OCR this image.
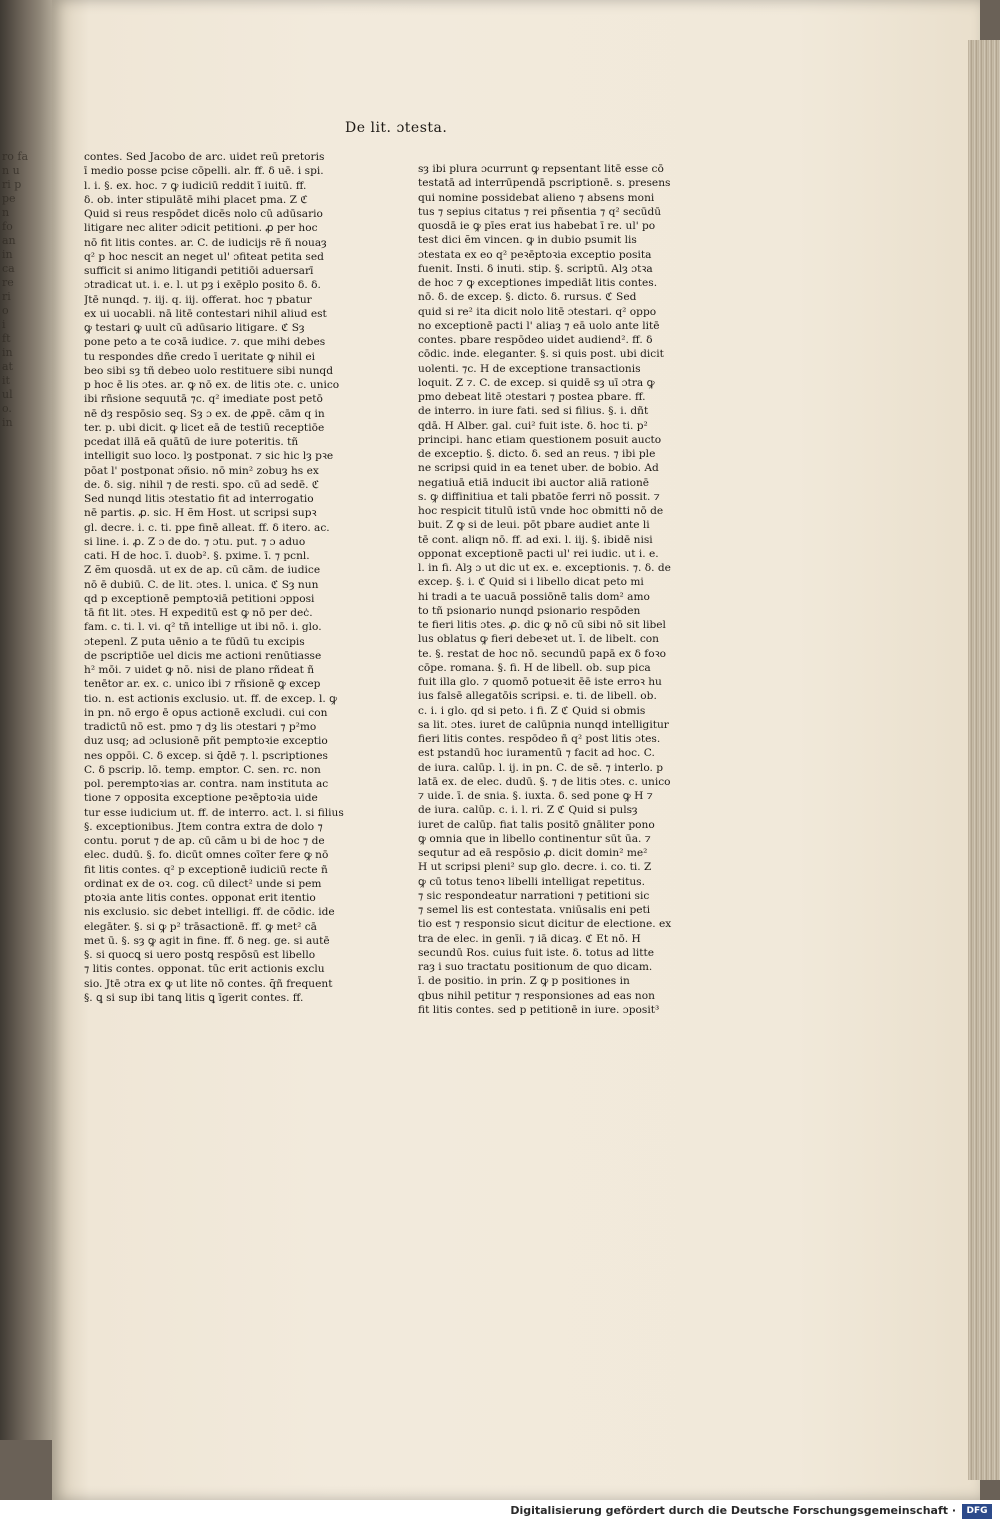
ro fa
n u
ri p
pe
n
fo
an
in
ca
re
ri
o
i
ft
in
at
it
ul
o.
in
De lit. ɔtesta.
contes. Sed Jacobo de arc. uidet reū pretoris
ī medio posse pcise cōpelli. alr. ff. ẟ uē. i spi.
l. i. §. ex. hoc. ⁊ ꝙ iudiciū reddit ī iuitū. ff.
ẟ. ob. inter stipulātē mihi placet pma. Z ℭ
Quid si reus respōdet dicēs nolo cū adūsario
litigare nec aliter ɔdicit petitioni. ꝓ per hoc
nō fit litis contes. ar. C. de iudicijs rē ñ nouaȝ
q² p hoc nescit an neget ul' ɔfiteat petita sed
sufficit si animo litigandi petitiōi aduersarī
ɔtradicat ut. i. e. l. ut pȝ i exēplo posito ẟ. ẟ.
Jtē nunqd. ⁊. iij. q. iij. offerat. hoc ⁊ pbatur
ex ui uocabli. nā litē contestari nihil aliud est
ꝙ testari ꝙ uult cū adūsario litigare. ℭ Sȝ
pone peto a te coꝛā iudice. ⁊. que mihi debes
tu respondes dñe credo ī ueritate ꝙ nihil ei
beo sibi sȝ tñ debeo uolo restituere sibi nunqd
p hoc ē lis ɔtes. ar. ꝙ nō ex. de litis ɔte. c. unico
ibi rñsione sequutā ⁊c. q² imediate post petō
nē dȝ respōsio seq. Sȝ ɔ ex. de ꝓpē. cām q in
ter. p. ubi dicit. ꝙ licet eā de testiū receptiōe
pcedat illā eā quātū de iure poteritis. tñ
intelligit suo loco. lȝ postponat. ⁊ sic hic lȝ pꝛe
pōat l' postponat ɔñsio. nō min² zobuȝ hs ex
de. ẟ. sig. nihil ⁊ de resti. spo. cū ad sedē. ℭ
Sed nunqd litis ɔtestatio fit ad interrogatio
nē partis. ꝓ. sic. H ẽm Host. ut scripsi supꝛ
gl. decre. i. c. ti. ppe finē alleat. ff. ẟ itero. ac.
si line. i. ꝓ. Z ɔ de do. ⁊ ɔtu. put. ⁊ ɔ aduo
cati. H de hoc. ī. duob². §. pxime. ī. ⁊ pcnl.
Z ẽm quosdā. ut ex de ap. cū cām. de iudice
nō ē dubiū. C. de lit. ɔtes. l. unica. ℭ Sȝ nun
qd p exceptionē pemptoꝛiā petitioni ɔpposi
tā fit lit. ɔtes. H expeditū est ꝙ nō per deċ.
fam. c. ti. l. vi. q² tñ intellige ut ibi nō. i. glo.
ɔtepenl. Z puta uēnio a te fūdū tu excipis
de pscriptiōe uel dicis me actioni renūtiasse
h² mōi. ⁊ uidet ꝙ nō. nisi de plano rñdeat ñ
tenētor ar. ex. c. unico ibi ⁊ rñsionē ꝙ excep
tio. n. est actionis exclusio. ut. ff. de excep. l. ꝙ
in pn. nō ergo ē opus actionē excludi. cui con
tradictū nō est. pmo ⁊ dȝ lis ɔtestari ⁊ p²mo
duz usq; ad ɔclusionē pñt pemptoꝛie exceptio
nes oppōi. C. ẟ excep. si q̄dē ⁊. l. pscriptiones
C. ẟ pscrip. lō. temp. emptor. C. sen. rc. non
pol. peremptoꝛias ar. contra. nam instituta ac
tione ⁊ opposita exceptione peꝛēptoꝛia uide
tur esse iudicium ut. ff. de interro. act. l. si filius
§. exceptionibus. Jtem contra extra de dolo ⁊
contu. porut ⁊ de ap. cū cām u bi de hoc ⁊ de
elec. dudū. §. fo. dicūt omnes coīter fere ꝙ nō
fit litis contes. q² p exceptionē iudiciū recte ñ
ordinat ex de oꝛ. cog. cū dilect² unde si pem
ptoꝛia ante litis contes. opponat erit itentio
nis exclusio. sic debet intelligi. ff. de cōdic. ide
elegāter. §. si ꝙ p² trāsactionē. ff. ꝙ met² cā
met ū. §. sȝ ꝙ agit in fine. ff. ẟ neg. ge. si autē
§. si quocꝗ si uero postꝗ respōsū est libello
⁊ litis contes. opponat. tūc erit actionis exclu
sio. Jtē ɔtra ex ꝙ ut lite nō contes. q̄ñ frequent
§. ꝗ si sup ibi tanꝗ litis ꝗ īgerit contes. ff.
sȝ ibi plura ɔcurrunt ꝙ repsentant litē esse cō
testatā ad interrūpendā pscriptionē. s. presens
qui nomine possidebat alieno ⁊ absens moni
tus ⁊ sepius citatus ⁊ rei pñsentia ⁊ q² secūdū
quosdā ie ꝙ pīes erat ius habebat ī re. ul' po
test dici ẽm vincen. ꝙ in dubio psumit lis
ɔtestata ex eo q² peꝛēptoꝛia exceptio posita
fuenit. Insti. ẟ inuti. stip. §. scriptū. Alȝ ɔtꝛa
de hoc ⁊ ꝙ exceptiones impediāt litis contes.
nō. ẟ. de excep. §. dicto. ẟ. rursus. ℭ Sed
quid si re² ita dicit nolo litē ɔtestari. q² oppo
no exceptionē pacti l' aliaȝ ⁊ eā uolo ante litē
contes. pbare respōdeo uidet audiend². ff. ẟ
cōdic. inde. eleganter. §. si quis post. ubi dicit
uolenti. ⁊c. H de exceptione transactionis
loquit. Z ⁊. C. de excep. si quidē sȝ uī ɔtra ꝙ
pmo debeat litē ɔtestari ⁊ postea pbare. ff.
de interro. in iure fati. sed si filius. §. i. dñt
qdā. H Alber. gal. cui² fuit iste. ẟ. hoc ti. p²
principi. hanc etiam questionem posuit aucto
de exceptio. §. dicto. ẟ. sed an reus. ⁊ ibi ple
ne scripsi quid in ea tenet uber. de bobio. Ad
negatiuā etiā inducit ibi auctor aliā rationē
s. ꝙ diffinitiua et tali pbatōe ferri nō possit. ⁊
hoc respicit titulū istū vnde hoc obmitti nō de
buit. Z ꝙ si de leui. pōt pbare audiet ante li
tē cont. aliqn nō. ff. ad exi. l. iij. §. ibidē nisi
opponat exceptionē pacti ul' rei iudic. ut i. e.
l. in fi. Alȝ ɔ ut dic ut ex. e. exceptionis. ⁊. ẟ. de
excep. §. i. ℭ Quid si i libello dicat peto mi
hi tradi a te uacuā possiōnē talis dom² amo
to tñ psionario nunqd psionario respōden
te fieri litis ɔtes. ꝓ. dic ꝙ nō cū sibi nō sit libel
lus oblatus ꝙ fieri debeꝛet ut. ī. de libelt. con
te. §. restat de hoc nō. secundū papā ex ẟ foꝛo
cōpe. romana. §. fi. H de libell. ob. sup pica
fuit illa glo. ⁊ quomō potueꝛit ēē iste erroꝛ hu
ius falsē allegatōis scripsi. e. ti. de libell. ob.
c. i. i glo. qd si peto. i fi. Z ℭ Quid si obmis
sa lit. ɔtes. iuret de calūpnia nunqd intelligitur
fieri litis contes. respōdeo ñ q² post litis ɔtes.
est pstandū hoc iuramentū ⁊ facit ad hoc. C.
de iura. calūp. l. ij. in pn. C. de sē. ⁊ interlo. p
latā ex. de elec. dudū. §. ⁊ de litis ɔtes. c. unico
⁊ uide. ī. de snia. §. iuxta. ẟ. sed pone ꝙ H ⁊
de iura. calūp. c. i. l. ri. Z ℭ Quid si pulsȝ
iuret de calūp. fiat talis positō gnāliter pono
ꝙ omnia que in libello continentur sūt ūa. ⁊
sequtur ad eā respōsio ꝓ. dicit domin² me²
H ut scripsi pleni² sup glo. decre. i. co. ti. Z
ꝙ cū totus tenoꝛ libelli intelligat repetitus.
⁊ sic respondeatur narrationi ⁊ petitioni sic
⁊ semel lis est contestata. vniūsalis eni peti
tio est ⁊ responsio sicut dicitur de electione. ex
tra de elec. in genīi. ⁊ iā dicaȝ. ℭ Et nō. H
secundū Ros. cuius fuit iste. ẟ. totus ad litte
raȝ i suo tractatu positionum de quo dicam.
ī. de positio. in prin. Z ꝙ p positiones in
qbus nihil petitur ⁊ responsiones ad eas non
fit litis contes. sed p petitionē in iure. ɔposit³
Digitalisierung gefördert durch die Deutsche Forschungsgemeinschaft ·	DFG
